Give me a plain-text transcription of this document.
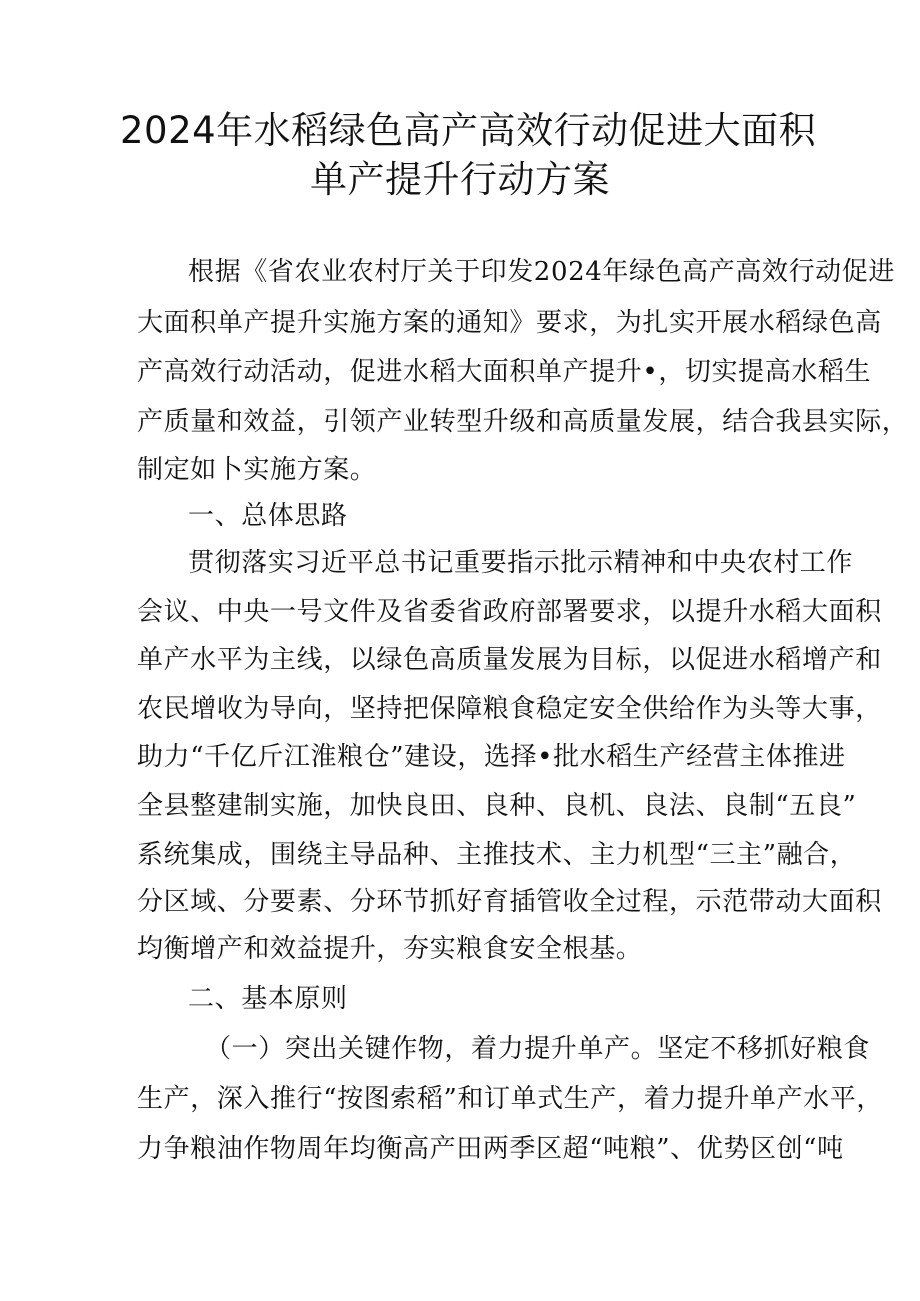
2024年水稻绿色高产高效行动促进大面积
单产提升行动方案
根据《省农业农村厅关于印发2024年绿色高产高效行动促进
大面积单产提升实施方案的通知》要求，为扎实开展水稻绿色高
产高效行动活动，促进水稻大面积单产提升•，切实提高水稻生
产质量和效益，引领产业转型升级和高质量发展，结合我县实际，
制定如卜实施方案。
一、总体思路
贯彻落实习近平总书记重要指示批示精神和中央农村工作
会议、中央一号文件及省委省政府部署要求，以提升水稻大面积
单产水平为主线，以绿色高质量发展为目标，以促进水稻增产和
农民增收为导向，坚持把保障粮食稳定安全供给作为头等大事，
助力“千亿斤江淮粮仓”建设，选择•批水稻生产经营主体推进
全县整建制实施，加快良田、良种、良机、良法、良制“五良”
系统集成，围绕主导品种、主推技术、主力机型“三主”融合，
分区域、分要素、分环节抓好育插管收全过程，示范带动大面积
均衡增产和效益提升，夯实粮食安全根基。
二、基本原则
（一）突出关键作物，着力提升单产。坚定不移抓好粮食
生产，深入推行“按图索稻”和订单式生产，着力提升单产水平，
力争粮油作物周年均衡高产田两季区超“吨粮”、优势区创“吨
